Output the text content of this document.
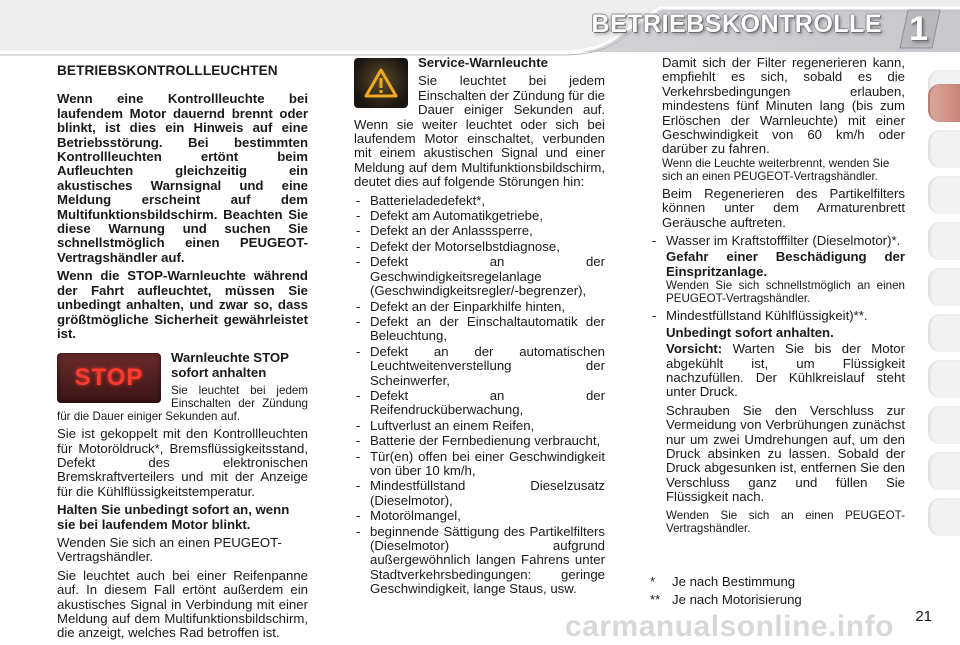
BETRIEBSKONTROLLE 1

BETRIEBSKONTROLLLEUCHTEN

Wenn eine Kontrollleuchte bei laufendem Motor dauernd brennt oder blinkt, ist dies ein Hinweis auf eine Betriebsstörung. Bei bestimmten Kontrollleuchten ertönt beim Aufleuchten gleichzeitig ein akustisches Warnsignal und eine Meldung erscheint auf dem Multifunktionsbildschirm. Beachten Sie diese Warnung und suchen Sie schnellstmöglich einen PEUGEOT-Vertragshändler auf.

Wenn die STOP-Warnleuchte während der Fahrt aufleuchtet, müssen Sie unbedingt anhalten, und zwar so, dass größtmögliche Sicherheit gewährleistet ist.

STOP

Warnleuchte STOP sofort anhalten

Sie leuchtet bei jedem Einschalten der Zündung für die Dauer einiger Sekunden auf.

Sie ist gekoppelt mit den Kontrollleuchten für Motoröldruck*, Bremsflüssigkeitsstand, Defekt des elektronischen Bremskraftverteilers und mit der Anzeige für die Kühlflüssigkeitstemperatur.

Halten Sie unbedingt sofort an, wenn sie bei laufendem Motor blinkt.

Wenden Sie sich an einen PEUGEOT-Vertragshändler.

Sie leuchtet auch bei einer Reifenpanne auf. In diesem Fall ertönt außerdem ein akustisches Signal in Verbindung mit einer Meldung auf dem Multifunktionsbildschirm, die anzeigt, welches Rad betroffen ist.

Service-Warnleuchte

Sie leuchtet bei jedem Einschalten der Zündung für die Dauer einiger Sekunden auf. Wenn sie weiter leuchtet oder sich bei laufendem Motor einschaltet, verbunden mit einem akustischen Signal und einer Meldung auf dem Multifunktionsbildschirm, deutet dies auf folgende Störungen hin:

- Batterieladedefekt*,
- Defekt am Automatikgetriebe,
- Defekt an der Anlasssperre,
- Defekt der Motorselbstdiagnose,
- Defekt an der Geschwindigkeitsregelanlage (Geschwindigkeitsregler/-begrenzer),
- Defekt an der Einparkhilfe hinten,
- Defekt an der Einschaltautomatik der Beleuchtung,
- Defekt an der automatischen Leuchtweitenverstellung der Scheinwerfer,
- Defekt an der Reifendrucküberwachung,
- Luftverlust an einem Reifen,
- Batterie der Fernbedienung verbraucht,
- Tür(en) offen bei einer Geschwindigkeit von über 10 km/h,
- Mindestfüllstand Dieselzusatz (Dieselmotor),
- Motorölmangel,
- beginnende Sättigung des Partikelfilters (Dieselmotor) aufgrund außergewöhnlich langen Fahrens unter Stadtverkehrsbedingungen: geringe Geschwindigkeit, lange Staus, usw.

Damit sich der Filter regenerieren kann, empfiehlt es sich, sobald es die Verkehrsbedingungen erlauben, mindestens fünf Minuten lang (bis zum Erlöschen der Warnleuchte) mit einer Geschwindigkeit von 60 km/h oder darüber zu fahren.

Wenn die Leuchte weiterbrennt, wenden Sie sich an einen PEUGEOT-Vertragshändler.

Beim Regenerieren des Partikelfilters können unter dem Armaturenbrett Geräusche auftreten.

- Wasser im Kraftstofffilter (Dieselmotor)*.

Gefahr einer Beschädigung der Einspritzanlage.

Wenden Sie sich schnellstmöglich an einen PEUGEOT-Vertragshändler.

- Mindestfüllstand Kühlflüssigkeit)**.

Unbedingt sofort anhalten.

Vorsicht: Warten Sie bis der Motor abgekühlt ist, um Flüssigkeit nachzufüllen. Der Kühlkreislauf steht unter Druck.

Schrauben Sie den Verschluss zur Vermeidung von Verbrühungen zunächst nur um zwei Umdrehungen auf, um den Druck absinken zu lassen. Sobald der Druck abgesunken ist, entfernen Sie den Verschluss ganz und füllen Sie Flüssigkeit nach.

Wenden Sie sich an einen PEUGEOT-Vertragshändler.

* Je nach Bestimmung
** Je nach Motorisierung
carmanualsonline.info 21
